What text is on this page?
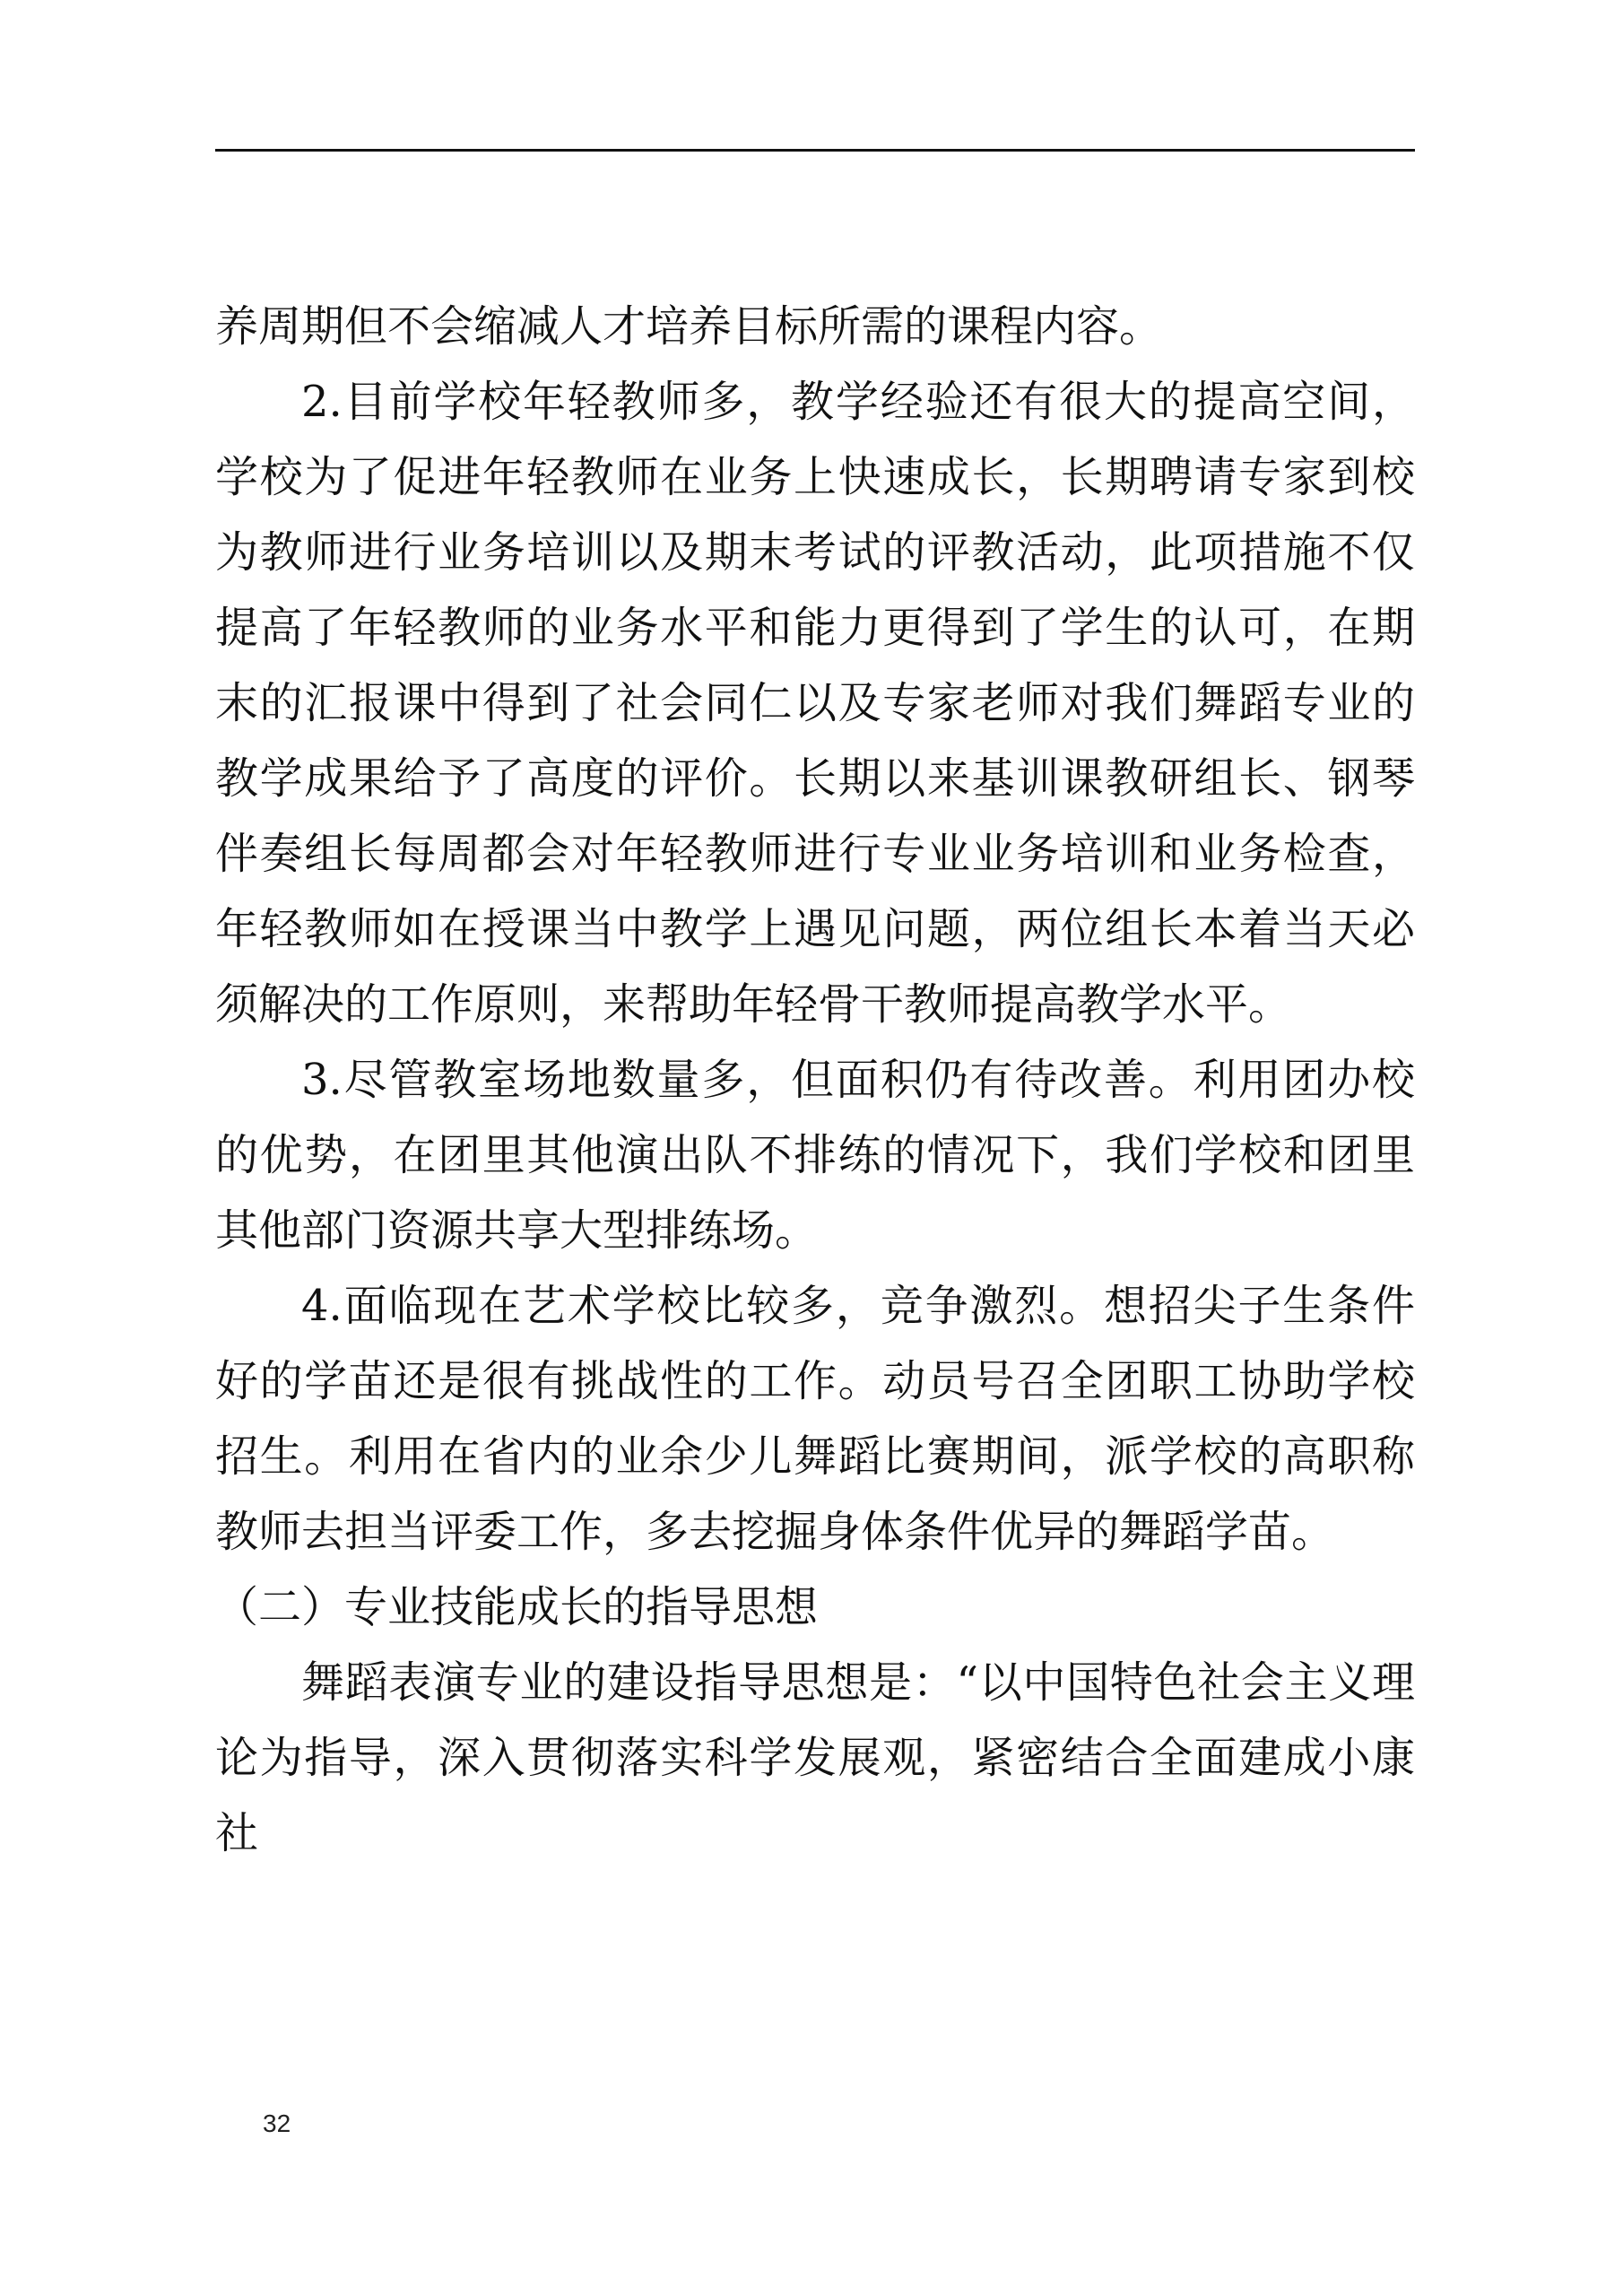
养周期但不会缩减人才培养目标所需的课程内容。

2.目前学校年轻教师多，教学经验还有很大的提高空间，学校为了促进年轻教师在业务上快速成长，长期聘请专家到校为教师进行业务培训以及期末考试的评教活动，此项措施不仅提高了年轻教师的业务水平和能力更得到了学生的认可，在期末的汇报课中得到了社会同仁以及专家老师对我们舞蹈专业的教学成果给予了高度的评价。长期以来基训课教研组长、钢琴伴奏组长每周都会对年轻教师进行专业业务培训和业务检查，年轻教师如在授课当中教学上遇见问题，两位组长本着当天必须解决的工作原则，来帮助年轻骨干教师提高教学水平。

3.尽管教室场地数量多，但面积仍有待改善。利用团办校的优势，在团里其他演出队不排练的情况下，我们学校和团里其他部门资源共享大型排练场。

4.面临现在艺术学校比较多，竞争激烈。想招尖子生条件好的学苗还是很有挑战性的工作。动员号召全团职工协助学校招生。利用在省内的业余少儿舞蹈比赛期间，派学校的高职称教师去担当评委工作，多去挖掘身体条件优异的舞蹈学苗。

（二）专业技能成长的指导思想

舞蹈表演专业的建设指导思想是：“以中国特色社会主义理论为指导，深入贯彻落实科学发展观，紧密结合全面建成小康社

32
